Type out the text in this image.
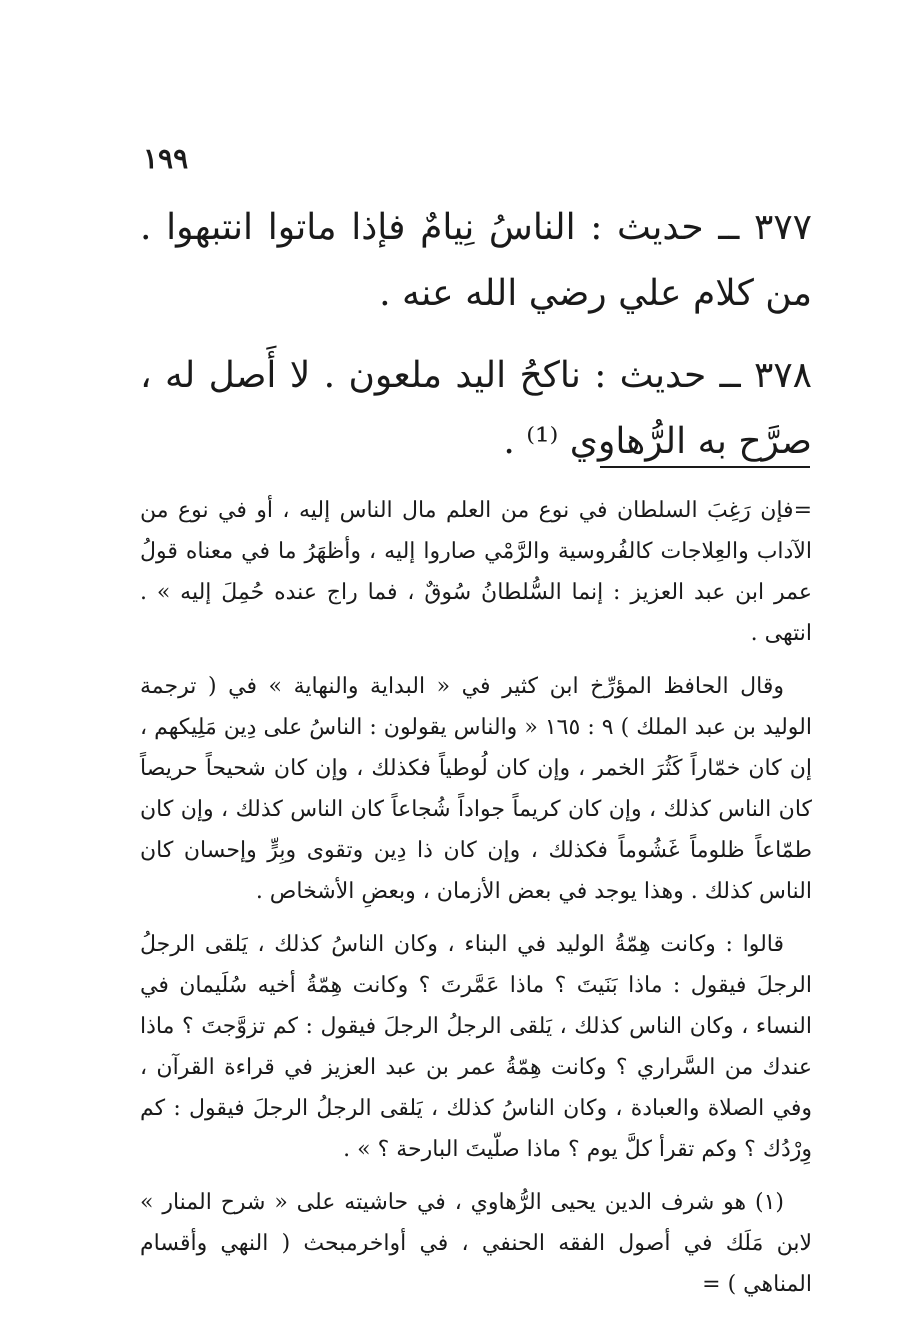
١٩٩

٣٧٧ ــ حديث : الناسُ نِيامٌ فإذا ماتوا انتبهوا . من كلام علي رضي الله عنه .

٣٧٨ ــ حديث : ناكحُ اليد ملعون . لا أَصل له ، صرَّح به الرُّهاوي ⁽¹⁾ .

=فإن رَغِبَ السلطان في نوع من العلم مال الناس إليه ، أو في نوع من الآداب والعِلاجات كالفُروسية والرَّمْي صاروا إليه ، وأظهَرُ ما في معناه قولُ عمر ابن عبد العزيز : إنما السُّلطانُ سُوقٌ ، فما راج عنده حُمِلَ إليه » . انتهى .

وقال الحافظ المؤرِّخ ابن كثير في « البداية والنهاية » في ( ترجمة الوليد بن عبد الملك ) ٩ : ١٦٥ « والناس يقولون : الناسُ على دِين مَلِيكهم ، إن كان خمّاراً كَثُرَ الخمر ، وإن كان لُوطياً فكذلك ، وإن كان شحيحاً حريصاً كان الناس كذلك ، وإن كان كريماً جواداً شُجاعاً كان الناس كذلك ، وإن كان طمّاعاً ظلوماً غَشُوماً فكذلك ، وإن كان ذا دِين وتقوى وبِرٍّ وإحسان كان الناس كذلك . وهذا يوجد في بعض الأزمان ، وبعضِ الأشخاص .

قالوا : وكانت هِمّةُ الوليد في البناء ، وكان الناسُ كذلك ، يَلقى الرجلُ الرجلَ فيقول : ماذا بَنَيتَ ؟ ماذا عَمَّرتَ ؟ وكانت هِمّةُ أخيه سُلَيمان في النساء ، وكان الناس كذلك ، يَلقى الرجلُ الرجلَ فيقول : كم تزوَّجتَ ؟ ماذا عندك من السَّراري ؟ وكانت هِمّةُ عمر بن عبد العزيز في قراءة القرآن ، وفي الصلاة والعبادة ، وكان الناسُ كذلك ، يَلقى الرجلُ الرجلَ فيقول : كم وِرْدُك ؟ وكم تقرأ كلَّ يوم ؟ ماذا صلّيتَ البارحة ؟ » .

(١) هو شرف الدين يحيى الرُّهاوي ، في حاشيته على « شرح المنار » لابن مَلَك في أصول الفقه الحنفي ، في أواخرمبحث ( النهي وأقسام المناهي ) =
